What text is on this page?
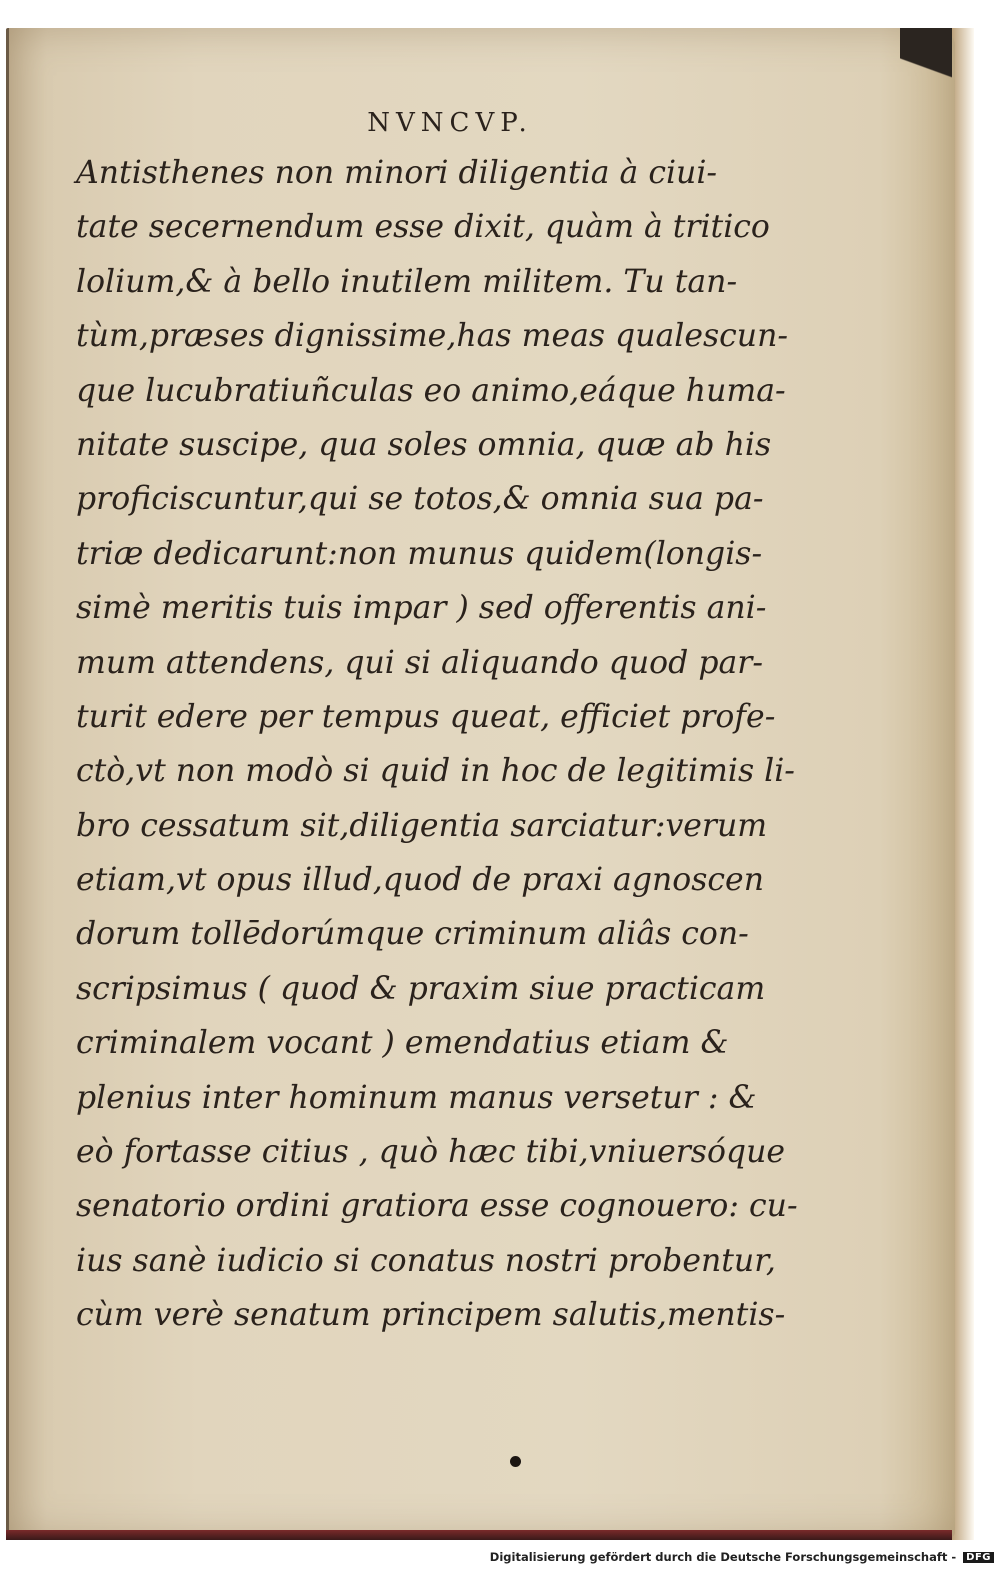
NVNCVP.
Antisthenes non minori diligentia à ciui-
tate secernendum esse dixit, quàm à tritico
lolium,& à bello inutilem militem. Tu tan-
tùm,præses dignissime,has meas qualescun-
que lucubratiuñculas eo animo,eáque huma-
nitate suscipe, qua soles omnia, quæ ab his
proficiscuntur,qui se totos,& omnia sua pa-
triæ dedicarunt:non munus quidem(longis-
simè meritis tuis impar ) sed offerentis ani-
mum attendens, qui si aliquando quod par-
turit edere per tempus queat, efficiet profe-
ctò,vt non modò si quid in hoc de legitimis li-
bro cessatum sit,diligentia sarciatur:verum
etiam,vt opus illud,quod de praxi agnoscen
dorum tollēdorúmque criminum aliâs con-
scripsimus ( quod & praxim siue practicam
criminalem vocant ) emendatius etiam &
plenius inter hominum manus versetur : &
eò fortasse citius , quò hæc tibi,vniuersóque
senatorio ordini gratiora esse cognouero: cu-
ius sanè iudicio si conatus nostri probentur,
cùm verè senatum principem salutis,mentis-
Digitalisierung gefördert durch die Deutsche Forschungsgemeinschaft - DFG
